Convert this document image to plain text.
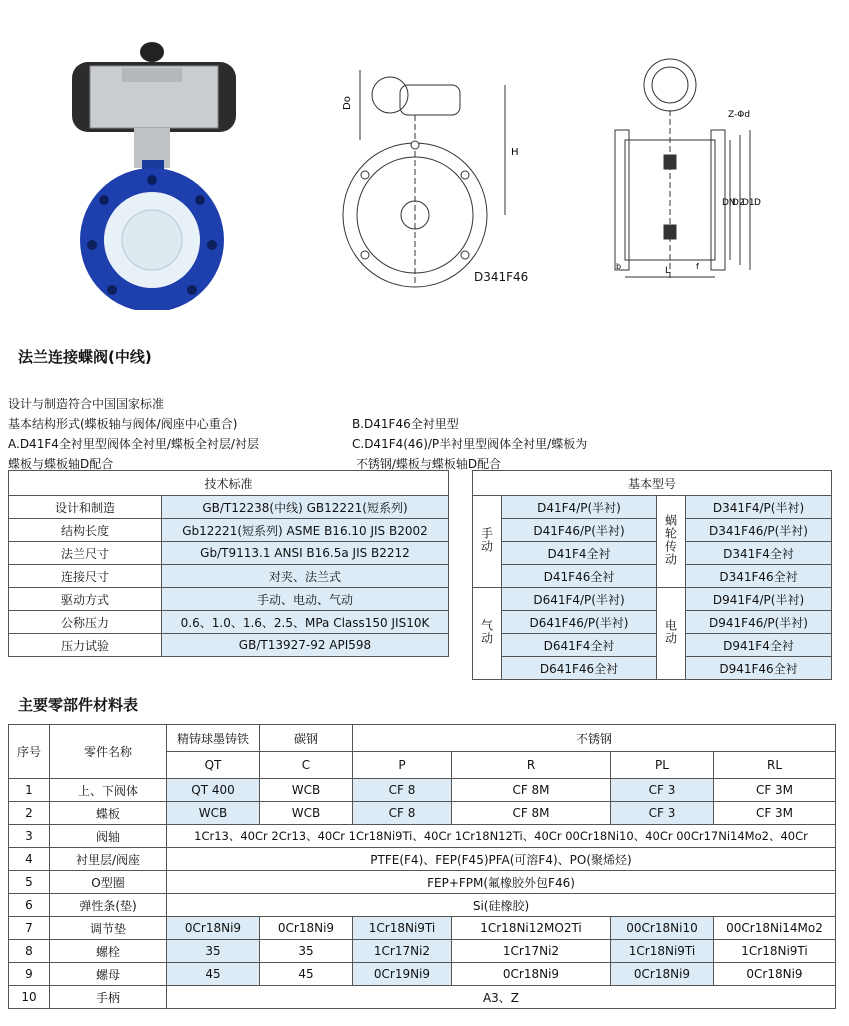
Do
H
D341F46
Z-Φd
DN
D2
D1 D
L	f
b
法兰连接蝶阀(中线)

设计与制造符合中国国家标准
基本结构形式(蝶板轴与阀体/阀座中心重合)
A.D41F4全衬里型阀体全衬里/蝶板全衬层/衬层
蝶板与蝶板轴D配合

B.D41F46全衬里型
C.D41F4(46)/P半衬里型阀体全衬里/蝶板为
不锈钢/蝶板与蝶板轴D配合

技术标准	
设计和制造	GB/T12238(中线) GB12221(短系列)
结构长度	Gb12221(短系列) ASME B16.10 JIS B2002
法兰尺寸	Gb/T9113.1 ANSI B16.5a JIS B2212
连接尺寸	对夹、法兰式
驱动方式	手动、电动、气动
公称压力	0.6、1.0、1.6、2.5、MPa Class150 JIS10K
压力试验	GB/T13927-92 API598
基本型号			
手动	D41F4/P(半衬)	蜗轮传动	D341F4/P(半衬)
	D41F46/P(半衬)		D341F46/P(半衬)
	D41F4全衬		D341F4全衬
	D41F46全衬		D341F46全衬
气动	D641F4/P(半衬)	电动	D941F4/P(半衬)
	D641F46/P(半衬)		D941F46/P(半衬)
	D641F4全衬		D941F4全衬
	D641F46全衬		D941F46全衬
主要零部件材料表
序号	零件名称	精铸球墨铸铁	碳钢	不锈钢			
		QT	C	P	R	PL	RL
1	上、下阀体	QT 400	WCB	CF 8	CF 8M	CF 3	CF 3M
2	蝶板	WCB	WCB	CF 8	CF 8M	CF 3	CF 3M
3	阀轴	1Cr13、40Cr 2Cr13、40Cr 1Cr18Ni9Ti、40Cr 1Cr18N12Ti、40Cr 00Cr18Ni10、40Cr 00Cr17Ni14Mo2、40Cr					
4	衬里层/阀座	PTFE(F4)、FEP(F45)PFA(可溶F4)、PO(聚烯烃)					
5	O型圈	FEP+FPM(氟橡胶外包F46)					
6	弹性条(垫)	Si(硅橡胶)					
7	调节垫	0Cr18Ni9	0Cr18Ni9	1Cr18Ni9Ti	1Cr18Ni12MO2Ti	00Cr18Ni10	00Cr18Ni14Mo2
8	螺栓	35	35	1Cr17Ni2	1Cr17Ni2	1Cr18Ni9Ti	1Cr18Ni9Ti
9	螺母	45	45	0Cr19Ni9	0Cr18Ni9	0Cr18Ni9	0Cr18Ni9
10	手柄	A3、Z					
